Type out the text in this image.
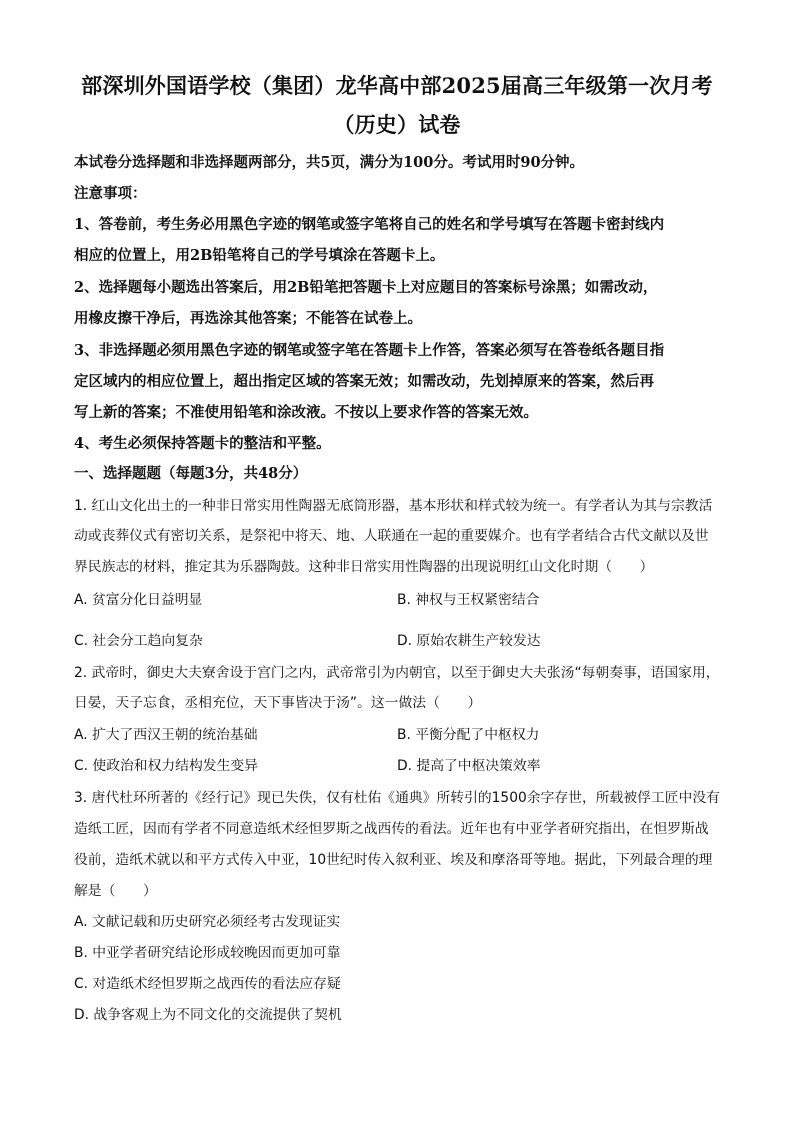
部深圳外国语学校（集团）龙华高中部2025届高三年级第一次月考
（历史）试卷
本试卷分选择题和非选择题两部分，共5页，满分为100分。考试用时90分钟。
注意事项：
1、答卷前，考生务必用黑色字迹的钢笔或签字笔将自己的姓名和学号填写在答题卡密封线内
相应的位置上，用2B铅笔将自己的学号填涂在答题卡上。
2、选择题每小题选出答案后，用2B铅笔把答题卡上对应题目的答案标号涂黑；如需改动，
用橡皮擦干净后，再选涂其他答案；不能答在试卷上。
3、非选择题必须用黑色字迹的钢笔或签字笔在答题卡上作答，答案必须写在答卷纸各题目指
定区域内的相应位置上，超出指定区域的答案无效；如需改动，先划掉原来的答案，然后再
写上新的答案；不准使用铅笔和涂改液。不按以上要求作答的答案无效。
4、考生必须保持答题卡的整洁和平整。
一、选择题题（每题3分，共48分）
1. 红山文化出土的一种非日常实用性陶器无底筒形器，基本形状和样式较为统一。有学者认为其与宗教活
动或丧葬仪式有密切关系，是祭祀中将天、地、人联通在一起的重要媒介。也有学者结合古代文献以及世
界民族志的材料，推定其为乐器陶鼓。这种非日常实用性陶器的出现说明红山文化时期（　　）
A. 贫富分化日益明显	B. 神权与王权紧密结合
C. 社会分工趋向复杂	D. 原始农耕生产较发达
2. 武帝时，御史大夫寮舍设于宫门之内，武帝常引为内朝官，以至于御史大夫张汤“每朝奏事，语国家用，
日晏，天子忘食，丞相充位，天下事皆决于汤”。这一做法（　　）
A. 扩大了西汉王朝的统治基础	B. 平衡分配了中枢权力
C. 使政治和权力结构发生变异	D. 提高了中枢决策效率
3. 唐代杜环所著的《经行记》现已失佚，仅有杜佑《通典》所转引的1500余字存世，所载被俘工匠中没有
造纸工匠，因而有学者不同意造纸术经怛罗斯之战西传的看法。近年也有中亚学者研究指出，在怛罗斯战
役前，造纸术就以和平方式传入中亚，10世纪时传入叙利亚、埃及和摩洛哥等地。据此，下列最合理的理
解是（　　）
A. 文献记载和历史研究必须经考古发现证实
B. 中亚学者研究结论形成较晚因而更加可靠
C. 对造纸术经怛罗斯之战西传的看法应存疑
D. 战争客观上为不同文化的交流提供了契机
